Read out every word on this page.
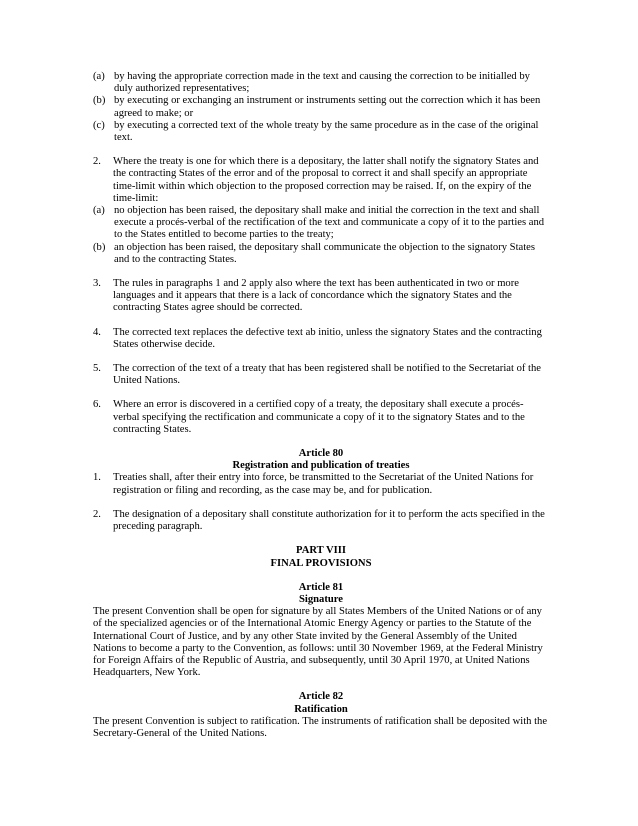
(a) by having the appropriate correction made in the text and causing the correction to be initialled by duly authorized representatives;
(b) by executing or exchanging an instrument or instruments setting out the correction which it has been agreed to make; or
(c) by executing a corrected text of the whole treaty by the same procedure as in the case of the original text.
2.	Where the treaty is one for which there is a depositary, the latter shall notify the signatory States and the contracting States of the error and of the proposal to correct it and shall specify an appropriate time-limit within which objection to the proposed correction may be raised. If, on the expiry of the time-limit:
(a) no objection has been raised, the depositary shall make and initial the correction in the text and shall execute a procés-verbal of the rectification of the text and communicate a copy of it to the parties and to the States entitled to become parties to the treaty;
(b) an objection has been raised, the depositary shall communicate the objection to the signatory States and to the contracting States.
3.	The rules in paragraphs 1 and 2 apply also where the text has been authenticated in two or more languages and it appears that there is a lack of concordance which the signatory States and the contracting States agree should be corrected.
4.	The corrected text replaces the defective text ab initio, unless the signatory States and the contracting States otherwise decide.
5.	The correction of the text of a treaty that has been registered shall be notified to the Secretariat of the United Nations.
6.	Where an error is discovered in a certified copy of a treaty, the depositary shall execute a procés-verbal specifying the rectification and communicate a copy of it to the signatory States and to the contracting States.
Article 80
Registration and publication of treaties
1.	Treaties shall, after their entry into force, be transmitted to the Secretariat of the United Nations for registration or filing and recording, as the case may be, and for publication.
2.	The designation of a depositary shall constitute authorization for it to perform the acts specified in the preceding paragraph.
PART VIII
FINAL PROVISIONS
Article 81
Signature
The present Convention shall be open for signature by all States Members of the United Nations or of any of the specialized agencies or of the International Atomic Energy Agency or parties to the Statute of the International Court of Justice, and by any other State invited by the General Assembly of the United Nations to become a party to the Convention, as follows: until 30 November 1969, at the Federal Ministry for Foreign Affairs of the Republic of Austria, and subsequently, until 30 April 1970, at United Nations Headquarters, New York.
Article 82
Ratification
The present Convention is subject to ratification. The instruments of ratification shall be deposited with the Secretary-General of the United Nations.
